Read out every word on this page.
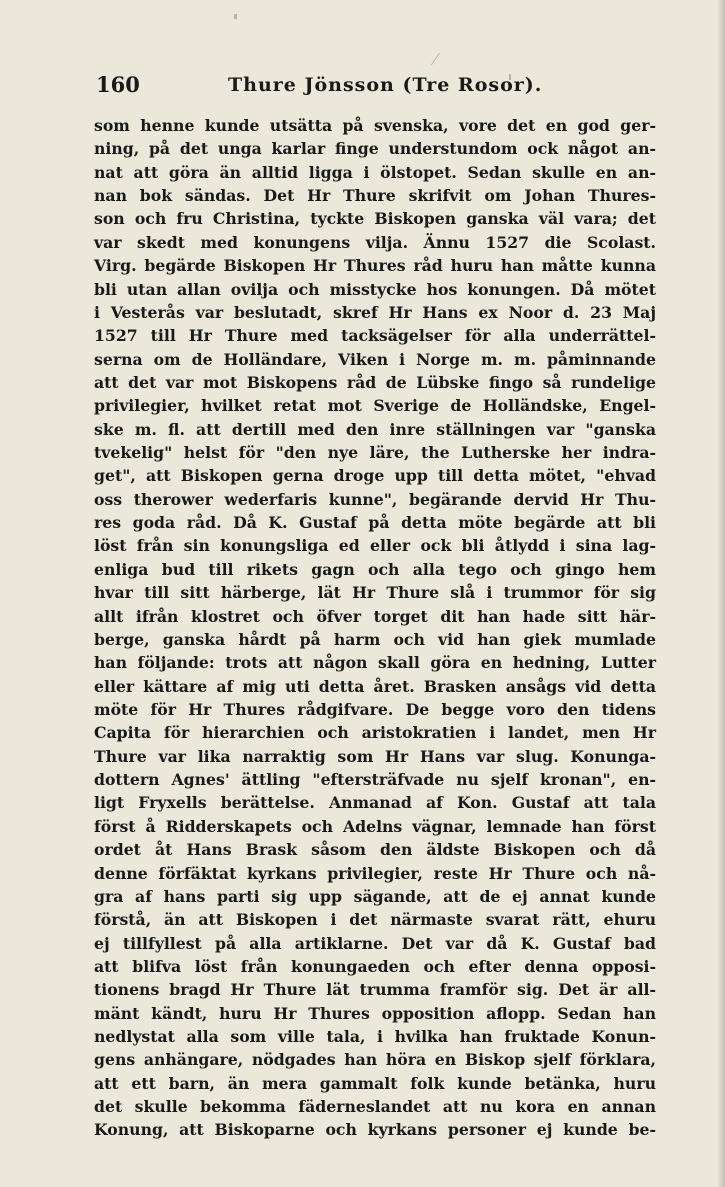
160	Thure Jönsson (Tre Rosor).
som henne kunde utsätta på svenska, vore det en god ger-
ning, på det unga karlar finge understundom ock något an-
nat att göra än alltid ligga i ölstopet. Sedan skulle en an-
nan bok sändas. Det Hr Thure skrifvit om Johan Thures-
son och fru Christina, tyckte Biskopen ganska väl vara; det
var skedt med konungens vilja. Ännu 1527 die Scolast.
Virg. begärde Biskopen Hr Thures råd huru han måtte kunna
bli utan allan ovilja och misstycke hos konungen. Då mötet
i Vesterås var beslutadt, skref Hr Hans ex Noor d. 23 Maj
1527 till Hr Thure med tacksägelser för alla underrättel-
serna om de Holländare, Viken i Norge m. m. påminnande
att det var mot Biskopens råd de Lübske fingo så rundelige
privilegier, hvilket retat mot Sverige de Holländske, Engel-
ske m. fl. att dertill med den inre ställningen var "ganska
tvekelig" helst för "den nye läre, the Lutherske her indra-
get", att Biskopen gerna droge upp till detta mötet, "ehvad
oss therower wederfaris kunne", begärande dervid Hr Thu-
res goda råd. Då K. Gustaf på detta möte begärde att bli
löst från sin konungsliga ed eller ock bli åtlydd i sina lag-
enliga bud till rikets gagn och alla tego och gingo hem
hvar till sitt härberge, lät Hr Thure slå i trummor för sig
allt ifrån klostret och öfver torget dit han hade sitt här-
berge, ganska hårdt på harm och vid han giek mumlade
han följande: trots att någon skall göra en hedning, Lutter
eller kättare af mig uti detta året. Brasken ansågs vid detta
möte för Hr Thures rådgifvare. De begge voro den tidens
Capita för hierarchien och aristokratien i landet, men Hr
Thure var lika narraktig som Hr Hans var slug. Konunga-
dottern Agnes' ättling "eftersträfvade nu sjelf kronan", en-
ligt Fryxells berättelse. Anmanad af Kon. Gustaf att tala
först å Ridderskapets och Adelns vägnar, lemnade han först
ordet åt Hans Brask såsom den äldste Biskopen och då
denne förfäktat kyrkans privilegier, reste Hr Thure och nå-
gra af hans parti sig upp sägande, att de ej annat kunde
förstå, än att Biskopen i det närmaste svarat rätt, ehuru
ej tillfyllest på alla artiklarne. Det var då K. Gustaf bad
att blifva löst från konungaeden och efter denna opposi-
tionens bragd Hr Thure lät trumma framför sig. Det är all-
mänt kändt, huru Hr Thures opposition aflopp. Sedan han
nedlystat alla som ville tala, i hvilka han fruktade Konun-
gens anhängare, nödgades han höra en Biskop sjelf förklara,
att ett barn, än mera gammalt folk kunde betänka, huru
det skulle bekomma fäderneslandet att nu kora en annan
Konung, att Biskoparne och kyrkans personer ej kunde be-
